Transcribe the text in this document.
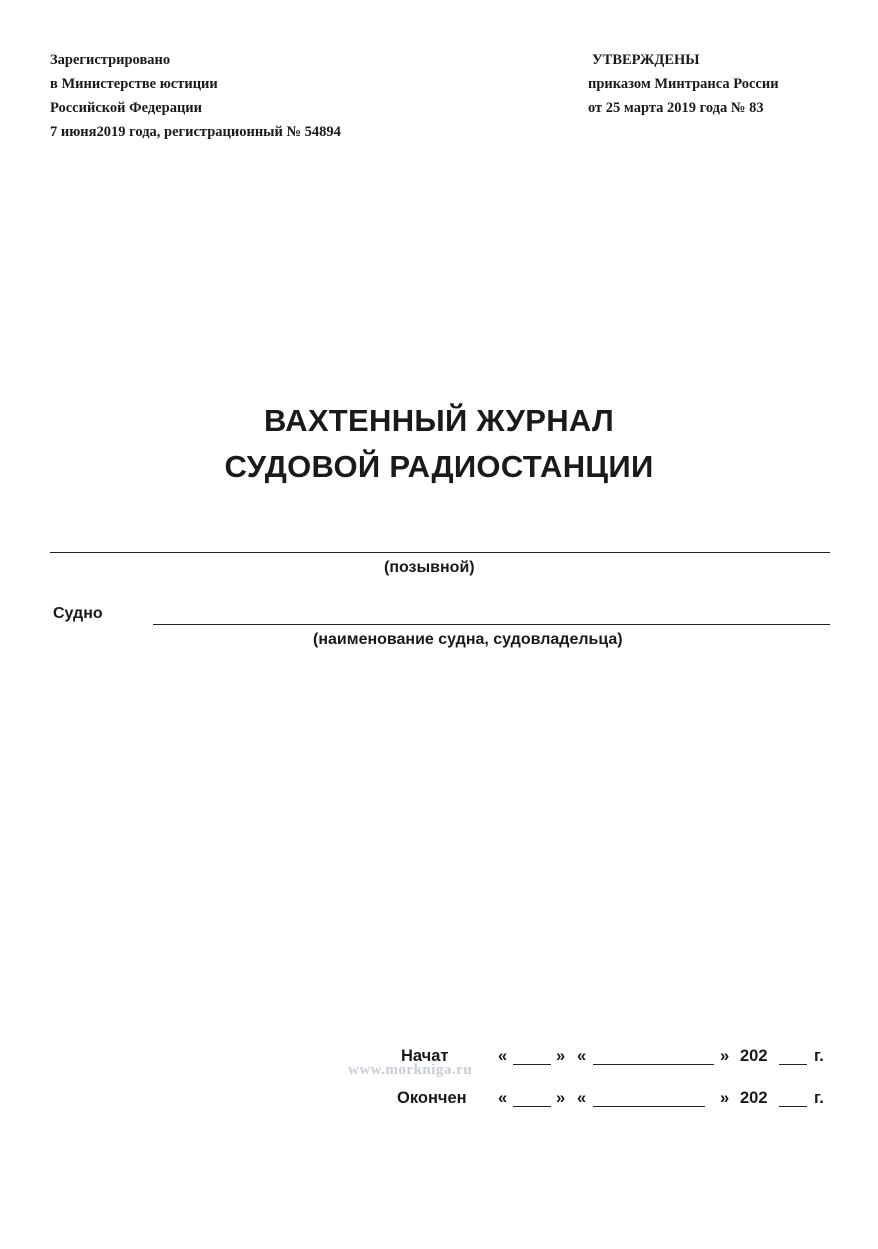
Зарегистрировано
в Министерстве юстиции
Российской Федерации
7 июня2019 года, регистрационный № 54894
УТВЕРЖДЕНЫ
приказом Минтранса России
от 25 марта 2019 года № 83
ВАХТЕННЫЙ ЖУРНАЛ
СУДОВОЙ РАДИОСТАНЦИИ
(позывной)
Судно
(наименование судна, судовладельца)
Начат	«	» «	» 202	г.
www.morkniga.ru
Окончен «	» «	» 202	г.
